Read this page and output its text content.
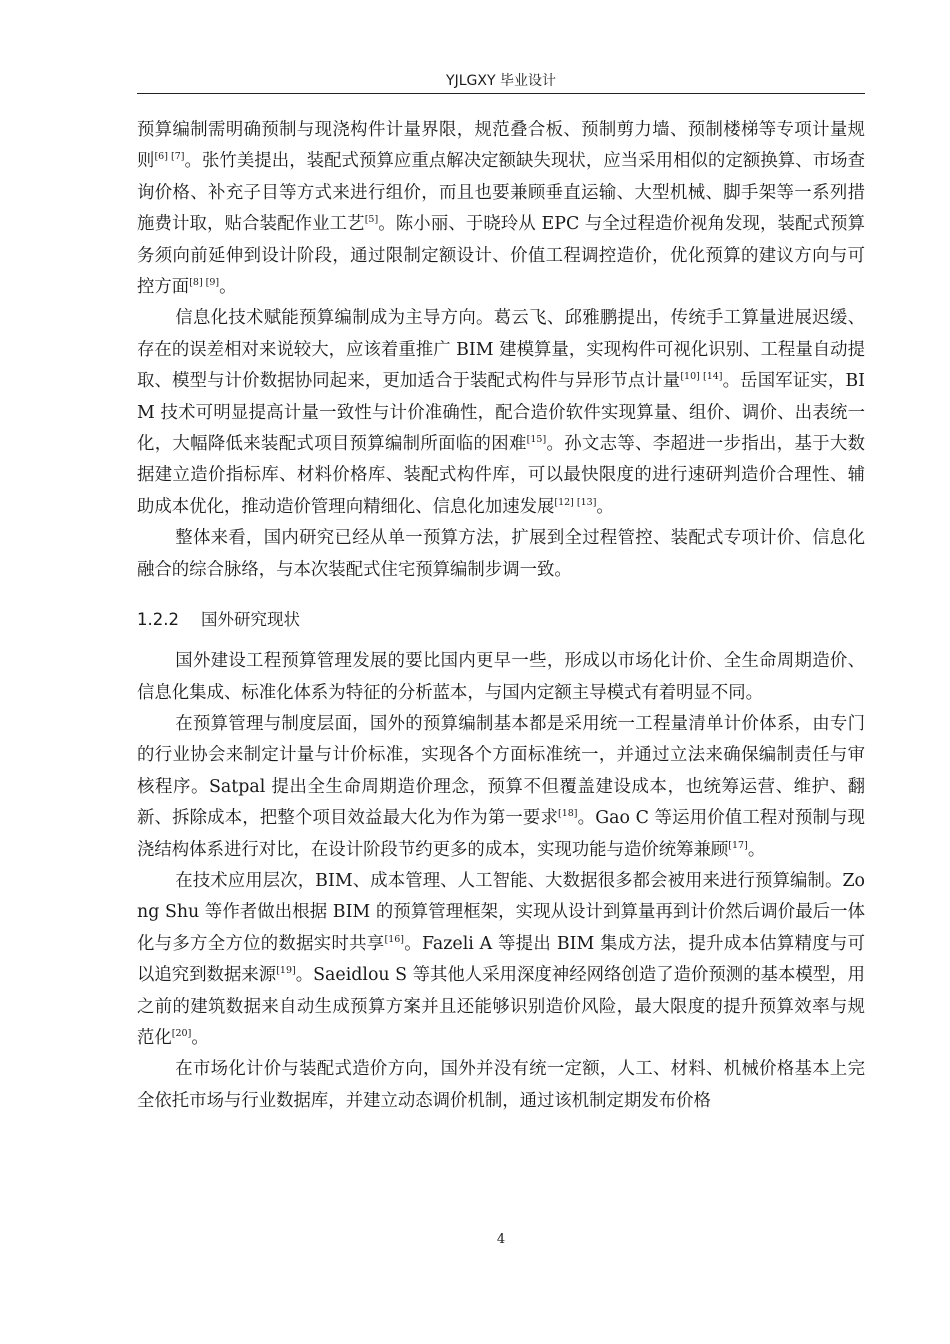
YJLGXY 毕业设计

预算编制需明确预制与现浇构件计量界限，规范叠合板、预制剪力墙、预制楼梯等专项计量规则[6] [7]。张竹美提出，装配式预算应重点解决定额缺失现状，应当采用相似的定额换算、市场查询价格、补充子目等方式来进行组价，而且也要兼顾垂直运输、大型机械、脚手架等一系列措施费计取，贴合装配作业工艺[5]。陈小丽、于晓玲从 EPC 与全过程造价视角发现，装配式预算务须向前延伸到设计阶段，通过限制定额设计、价值工程调控造价，优化预算的建议方向与可控方面[8] [9]。

信息化技术赋能预算编制成为主导方向。葛云飞、邱雅鹏提出，传统手工算量进展迟缓、存在的误差相对来说较大，应该着重推广 BIM 建模算量，实现构件可视化识别、工程量自动提取、模型与计价数据协同起来，更加适合于装配式构件与异形节点计量[10] [14]。岳国军证实，BIM 技术可明显提高计量一致性与计价准确性，配合造价软件实现算量、组价、调价、出表统一化，大幅降低来装配式项目预算编制所面临的困难[15]。孙文志等、李超进一步指出，基于大数据建立造价指标库、材料价格库、装配式构件库，可以最快限度的进行速研判造价合理性、辅助成本优化，推动造价管理向精细化、信息化加速发展[12] [13]。

整体来看，国内研究已经从单一预算方法，扩展到全过程管控、装配式专项计价、信息化融合的综合脉络，与本次装配式住宅预算编制步调一致。

1.2.2 国外研究现状

国外建设工程预算管理发展的要比国内更早一些，形成以市场化计价、全生命周期造价、信息化集成、标准化体系为特征的分析蓝本，与国内定额主导模式有着明显不同。

在预算管理与制度层面，国外的预算编制基本都是采用统一工程量清单计价体系，由专门的行业协会来制定计量与计价标准，实现各个方面标准统一，并通过立法来确保编制责任与审核程序。Satpal 提出全生命周期造价理念，预算不但覆盖建设成本，也统筹运营、维护、翻新、拆除成本，把整个项目效益最大化为作为第一要求[18]。Gao C 等运用价值工程对预制与现浇结构体系进行对比，在设计阶段节约更多的成本，实现功能与造价统筹兼顾[17]。

在技术应用层次，BIM、成本管理、人工智能、大数据很多都会被用来进行预算编制。Zong Shu 等作者做出根据 BIM 的预算管理框架，实现从设计到算量再到计价然后调价最后一体化与多方全方位的数据实时共享[16]。Fazeli A 等提出 BIM 集成方法，提升成本估算精度与可以追究到数据来源[19]。Saeidlou S 等其他人采用深度神经网络创造了造价预测的基本模型，用之前的建筑数据来自动生成预算方案并且还能够识别造价风险，最大限度的提升预算效率与规范化[20]。

在市场化计价与装配式造价方向，国外并没有统一定额，人工、材料、机械价格基本上完全依托市场与行业数据库，并建立动态调价机制，通过该机制定期发布价格

4
